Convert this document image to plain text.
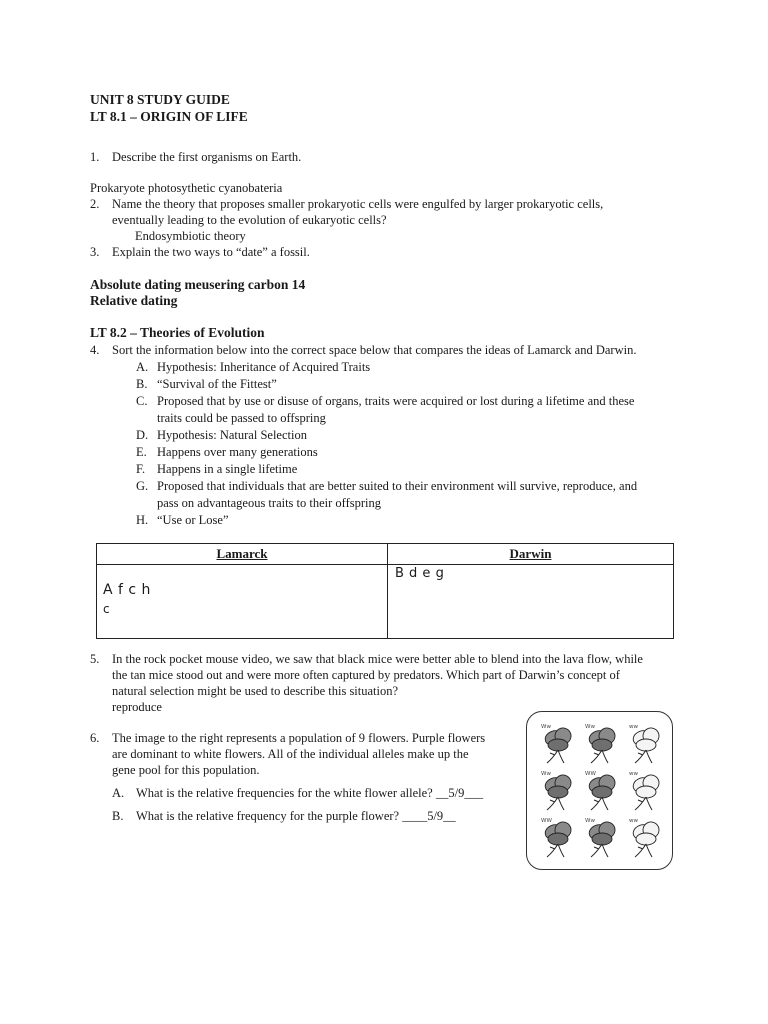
UNIT 8 STUDY GUIDE
LT 8.1 – ORIGIN OF LIFE
1. Describe the first organisms on Earth.
Prokaryote photosythetic cyanobateria
2. Name the theory that proposes smaller prokaryotic cells were engulfed by larger prokaryotic cells,
eventually leading to the evolution of eukaryotic cells?
Endosymbiotic theory
3. Explain the two ways to “date” a fossil.
Absolute dating meusering carbon 14
Relative dating
LT 8.2 – Theories of Evolution
4. Sort the information below into the correct space below that compares the ideas of Lamarck and Darwin.
A. Hypothesis: Inheritance of Acquired Traits
B. “Survival of the Fittest”
C. Proposed that by use or disuse of organs, traits were acquired or lost during a lifetime and these
traits could be passed to offspring
D. Hypothesis: Natural Selection
E. Happens over many generations
F. Happens in a single lifetime
G. Proposed that individuals that are better suited to their environment will survive, reproduce, and
pass on advantageous traits to their offspring
H. “Use or Lose”
Lamarck	Darwin

A f c h
c	B d e g
5. In the rock pocket mouse video, we saw that black mice were better able to blend into the lava flow, while
the tan mice stood out and were more often captured by predators. Which part of Darwin’s concept of
natural selection might be used to describe this situation?
reproduce
6. The image to the right represents a population of 9 flowers. Purple flowers
are dominant to white flowers. All of the individual alleles make up the
gene pool for this population.
A. What is the relative frequencies for the white flower allele? __5/9___
B. What is the relative frequency for the purple flower? ____5/9__
Ww	Ww	ww
Ww	WW	ww
WW	Ww	ww
